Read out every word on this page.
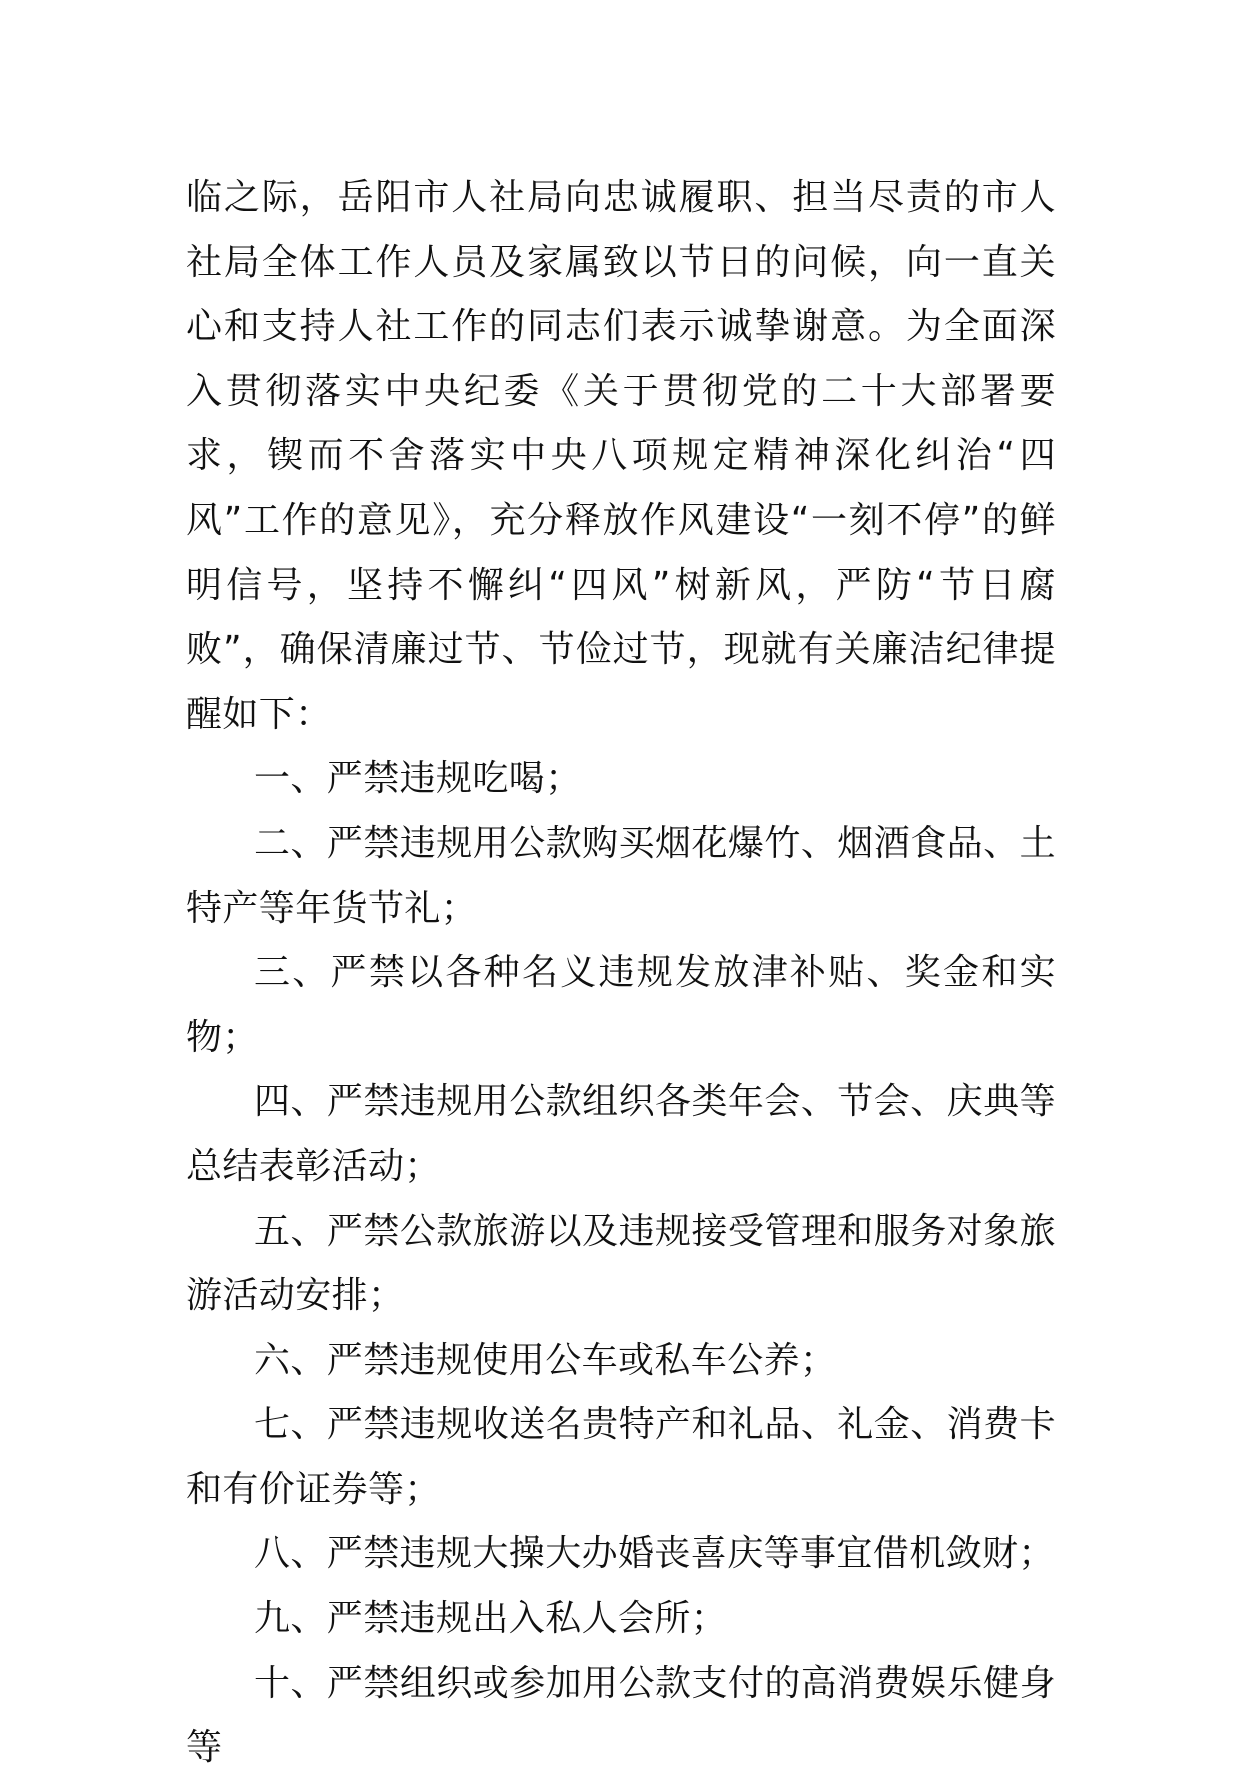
临之际，岳阳市人社局向忠诚履职、担当尽责的市人社局全体工作人员及家属致以节日的问候，向一直关心和支持人社工作的同志们表示诚挚谢意。为全面深入贯彻落实中央纪委《关于贯彻党的二十大部署要求，锲而不舍落实中央八项规定精神深化纠治“四风”工作的意见》，充分释放作风建设“一刻不停”的鲜明信号，坚持不懈纠“四风”树新风，严防“节日腐败”，确保清廉过节、节俭过节，现就有关廉洁纪律提醒如下：

一、严禁违规吃喝；

二、严禁违规用公款购买烟花爆竹、烟酒食品、土特产等年货节礼；

三、严禁以各种名义违规发放津补贴、奖金和实物；

四、严禁违规用公款组织各类年会、节会、庆典等总结表彰活动；

五、严禁公款旅游以及违规接受管理和服务对象旅游活动安排；

六、严禁违规使用公车或私车公养；

七、严禁违规收送名贵特产和礼品、礼金、消费卡和有价证券等；

八、严禁违规大操大办婚丧喜庆等事宜借机敛财；

九、严禁违规出入私人会所；

十、严禁组织或参加用公款支付的高消费娱乐健身等
